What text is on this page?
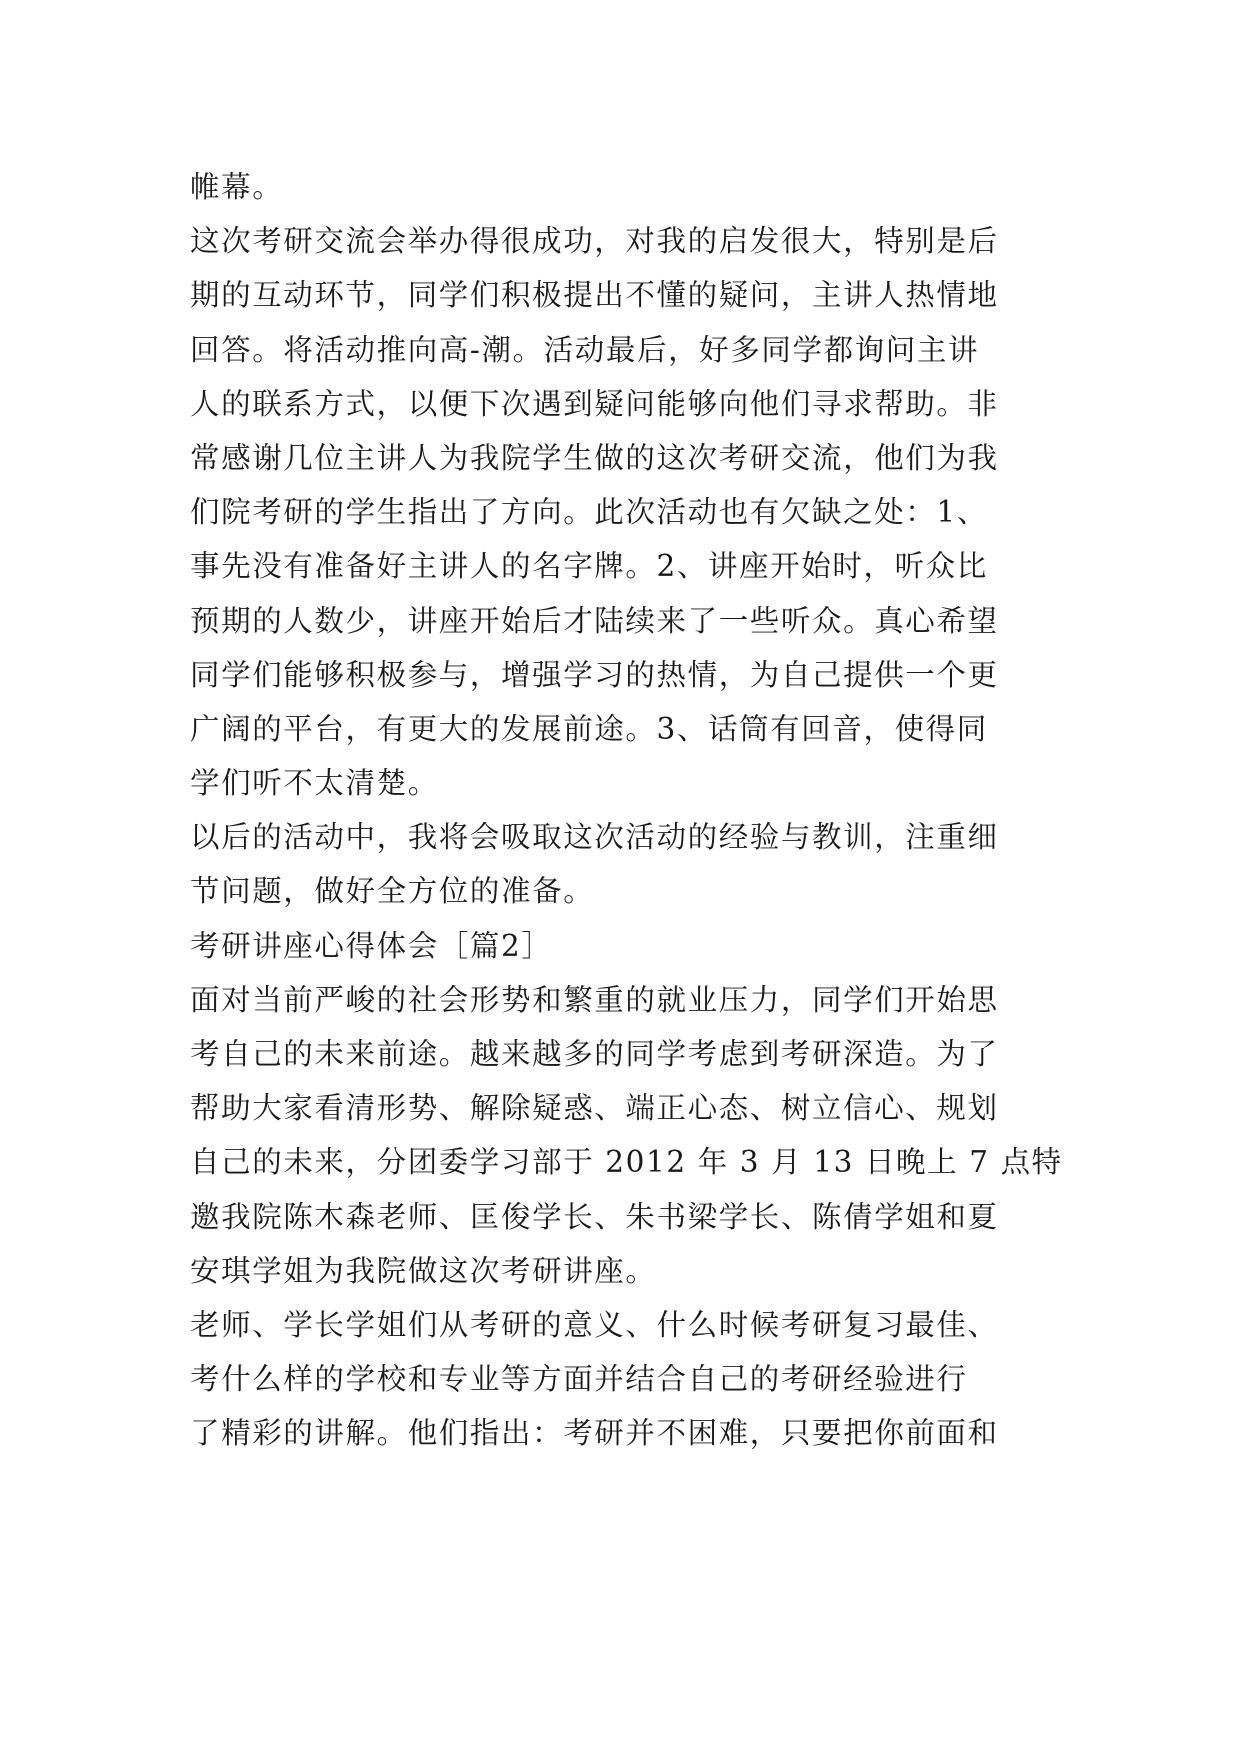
帷幕。

这次考研交流会举办得很成功，对我的启发很大，特别是后

期的互动环节，同学们积极提出不懂的疑问，主讲人热情地

回答。将活动推向高-潮。活动最后，好多同学都询问主讲

人的联系方式，以便下次遇到疑问能够向他们寻求帮助。非

常感谢几位主讲人为我院学生做的这次考研交流，他们为我

们院考研的学生指出了方向。此次活动也有欠缺之处：1、

事先没有准备好主讲人的名字牌。2、讲座开始时，听众比

预期的人数少，讲座开始后才陆续来了一些听众。真心希望

同学们能够积极参与，增强学习的热情，为自己提供一个更

广阔的平台，有更大的发展前途。3、话筒有回音，使得同

学们听不太清楚。

以后的活动中，我将会吸取这次活动的经验与教训，注重细

节问题，做好全方位的准备。

考研讲座心得体会［篇2］

面对当前严峻的社会形势和繁重的就业压力，同学们开始思

考自己的未来前途。越来越多的同学考虑到考研深造。为了

帮助大家看清形势、解除疑惑、端正心态、树立信心、规划

自己的未来，分团委学习部于 2012 年 3 月 13 日晚上 7 点特

邀我院陈木森老师、匡俊学长、朱书梁学长、陈倩学姐和夏

安琪学姐为我院做这次考研讲座。

老师、学长学姐们从考研的意义、什么时候考研复习最佳、

考什么样的学校和专业等方面并结合自己的考研经验进行

了精彩的讲解。他们指出：考研并不困难，只要把你前面和
